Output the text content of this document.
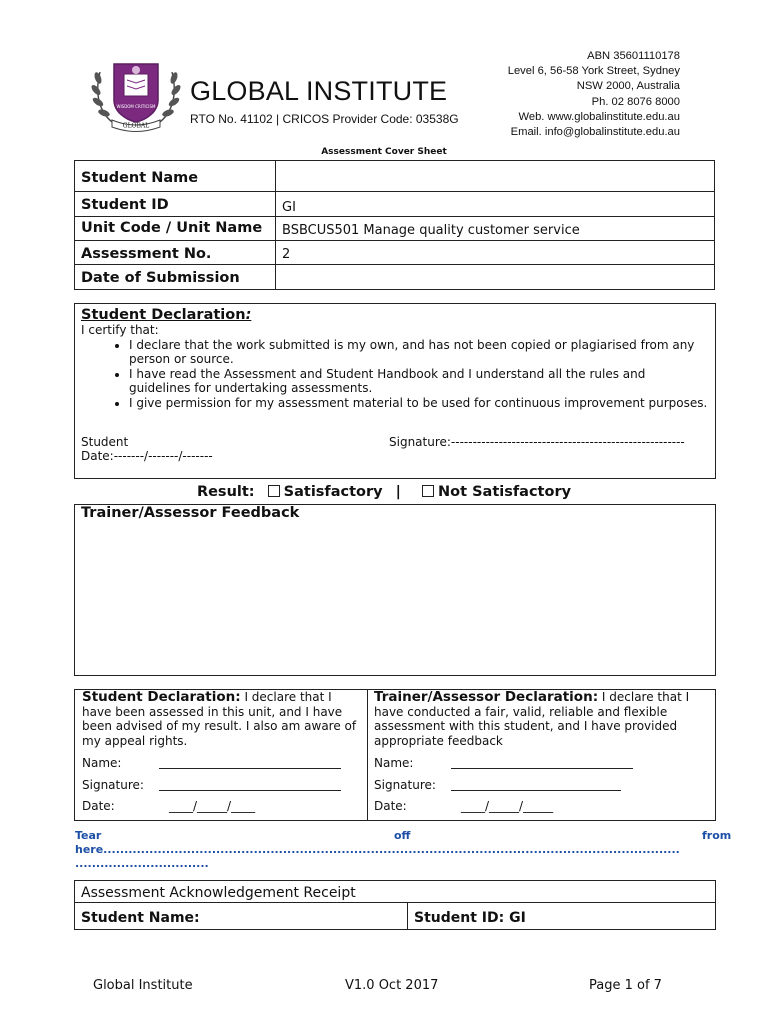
GLOBAL
WISDOM CRITICISM
GLOBAL INSTITUTE
RTO No. 41102 | CRICOS Provider Code: 03538G
ABN 35601110178
Level 6, 56-58 York Street, Sydney
NSW 2000, Australia
Ph. 02 8076 8000
Web. www.globalinstitute.edu.au
Email. info@globalinstitute.edu.au
Assessment Cover Sheet
Student Name	
Student ID	GI

Unit Code / Unit Name	BSBCUS501 Manage quality customer service
Assessment No.	2
Date of Submission	
Student Declaration:
I certify that:
• I declare that the work submitted is my own, and has not been copied or plagiarised from any person or source.
• I have read the Assessment and Student Handbook and I understand all the rules and guidelines for undertaking assessments.
• I give permission for my assessment material to be used for continuous improvement purposes.
Student	Signature:------------------------------------------------------
Date:-------/-------/-------
Result: Satisfactory |	Not Satisfactory
Trainer/Assessor Feedback
Student Declaration: I declare that I have been assessed in this unit, and I have been advised of my result. I also am aware of my appeal rights.
Name:
Signature:
Date:	____/_____/____
Trainer/Assessor Declaration: I declare that I have conducted a fair, valid, reliable and flexible assessment with this student, and I have provided appropriate feedback
Name:
Signature:
Date:	____/_____/_____
Tear	off	from
here..........................................................................................................................................
................................
Assessment Acknowledgement Receipt
Student Name:	Student ID: GI
Global Institute	V1.0 Oct 2017	Page 1 of 7
